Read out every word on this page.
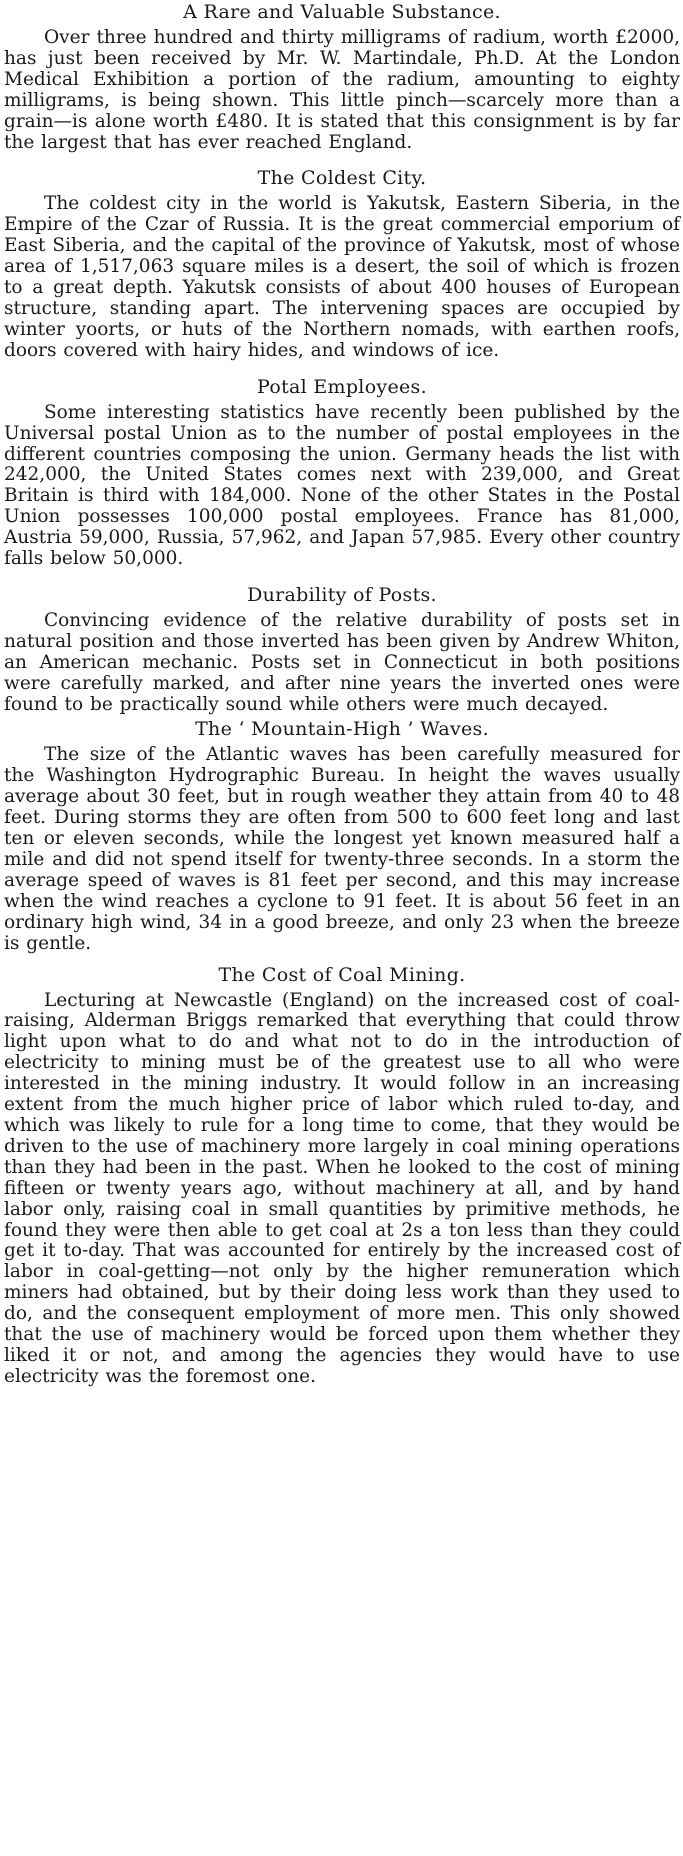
A Rare and Valuable Substance.

Over three hundred and thirty milligrams of radium, worth £2000, has just been received by Mr. W. Martindale, Ph.D. At the London Medical Exhibition a portion of the radium, amounting to eighty milligrams, is being shown. This little pinch—scarcely more than a grain—is alone worth £480. It is stated that this consignment is by far the largest that has ever reached England.

The Coldest City.

The coldest city in the world is Yakutsk, Eastern Siberia, in the Empire of the Czar of Russia. It is the great commercial emporium of East Siberia, and the capital of the province of Yakutsk, most of whose area of 1,517,063 square miles is a desert, the soil of which is frozen to a great depth. Yakutsk consists of about 400 houses of European structure, standing apart. The intervening spaces are occupied by winter yoorts, or huts of the Northern nomads, with earthen roofs, doors covered with hairy hides, and windows of ice.

Potal Employees.

Some interesting statistics have recently been published by the Universal postal Union as to the number of postal employees in the different countries composing the union. Germany heads the list with 242,000, the United States comes next with 239,000, and Great Britain is third with 184,000. None of the other States in the Postal Union possesses 100,000 postal employees. France has 81,000, Austria 59,000, Russia, 57,962, and Japan 57,985. Every other country falls below 50,000.

Durability of Posts.

Convincing evidence of the relative durability of posts set in natural position and those inverted has been given by Andrew Whiton, an American mechanic. Posts set in Connecticut in both positions were carefully marked, and after nine years the inverted ones were found to be practically sound while others were much decayed.

The ‘ Mountain-High ’ Waves.

The size of the Atlantic waves has been carefully measured for the Washington Hydrographic Bureau. In height the waves usually average about 30 feet, but in rough weather they attain from 40 to 48 feet. During storms they are often from 500 to 600 feet long and last ten or eleven seconds, while the longest yet known measured half a mile and did not spend itself for twenty-three seconds. In a storm the average speed of waves is 81 feet per second, and this may increase when the wind reaches a cyclone to 91 feet. It is about 56 feet in an ordinary high wind, 34 in a good breeze, and only 23 when the breeze is gentle.

The Cost of Coal Mining.

Lecturing at Newcastle (England) on the increased cost of coal-raising, Alderman Briggs remarked that everything that could throw light upon what to do and what not to do in the introduction of electricity to mining must be of the greatest use to all who were interested in the mining industry. It would follow in an increasing extent from the much higher price of labor which ruled to-day, and which was likely to rule for a long time to come, that they would be driven to the use of machinery more largely in coal mining operations than they had been in the past. When he looked to the cost of mining fifteen or twenty years ago, without machinery at all, and by hand labor only, raising coal in small quantities by primitive methods, he found they were then able to get coal at 2s a ton less than they could get it to-day. That was accounted for entirely by the increased cost of labor in coal-getting—not only by the higher remuneration which miners had obtained, but by their doing less work than they used to do, and the consequent employment of more men. This only showed that the use of machinery would be forced upon them whether they liked it or not, and among the agencies they would have to use electricity was the foremost one.
